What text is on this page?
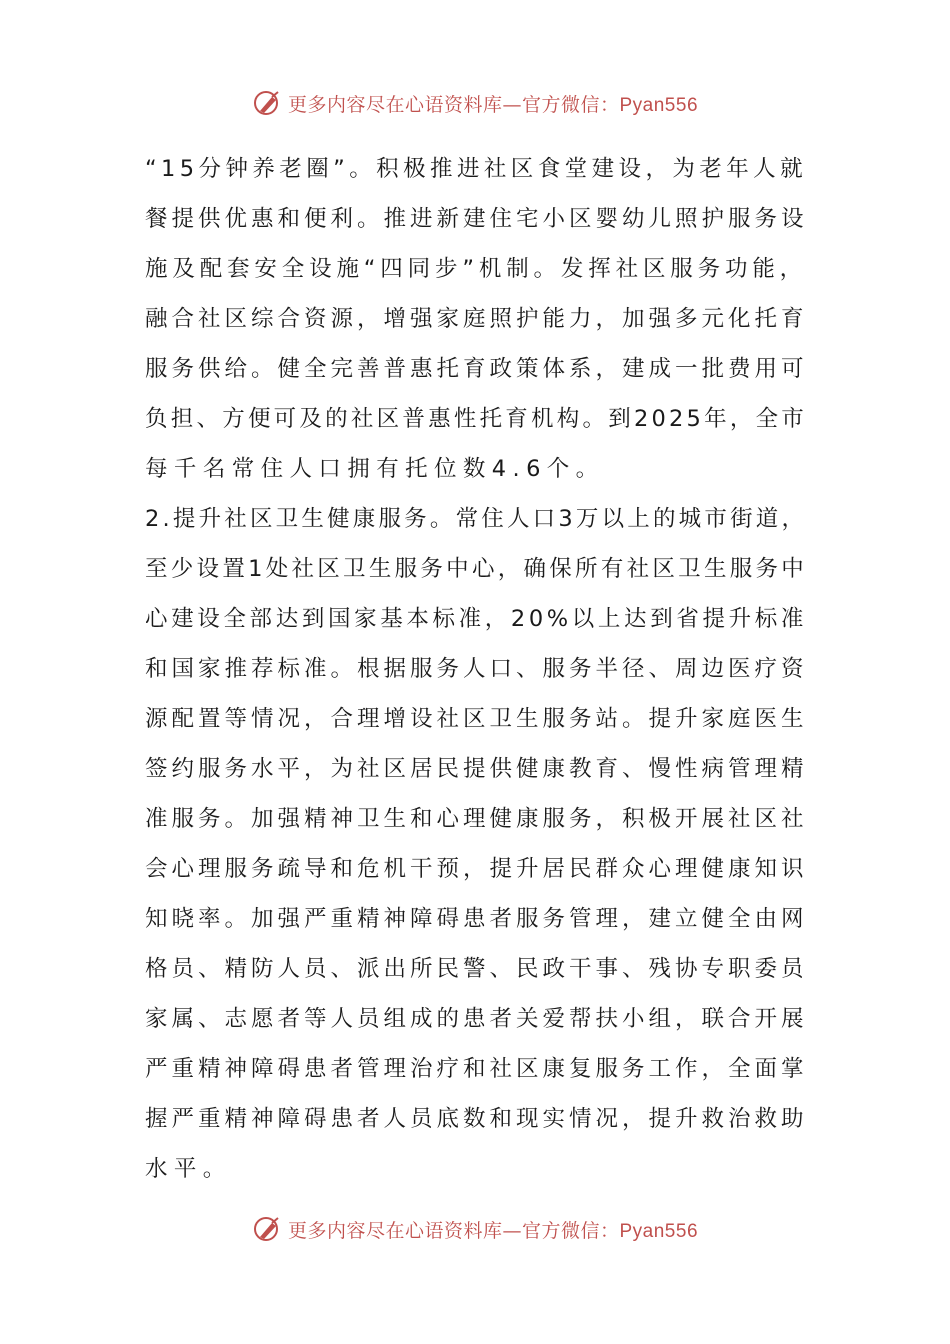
更多内容尽在心语资料库—官方微信：Pyan556
“15分钟养老圈”。积极推进社区食堂建设，为老年人就
餐提供优惠和便利。推进新建住宅小区婴幼儿照护服务设
施及配套安全设施“四同步”机制。发挥社区服务功能，
融合社区综合资源，增强家庭照护能力，加强多元化托育
服务供给。健全完善普惠托育政策体系，建成一批费用可
负担、方便可及的社区普惠性托育机构。到2025年，全市
每千名常住人口拥有托位数4.6个。
2.提升社区卫生健康服务。常住人口3万以上的城市街道，
至少设置1处社区卫生服务中心，确保所有社区卫生服务中
心建设全部达到国家基本标准，20%以上达到省提升标准
和国家推荐标准。根据服务人口、服务半径、周边医疗资
源配置等情况，合理增设社区卫生服务站。提升家庭医生
签约服务水平，为社区居民提供健康教育、慢性病管理精
准服务。加强精神卫生和心理健康服务，积极开展社区社
会心理服务疏导和危机干预，提升居民群众心理健康知识
知晓率。加强严重精神障碍患者服务管理，建立健全由网
格员、精防人员、派出所民警、民政干事、残协专职委员
家属、志愿者等人员组成的患者关爱帮扶小组，联合开展
严重精神障碍患者管理治疗和社区康复服务工作，全面掌
握严重精神障碍患者人员底数和现实情况，提升救治救助
水平。
更多内容尽在心语资料库—官方微信：Pyan556
